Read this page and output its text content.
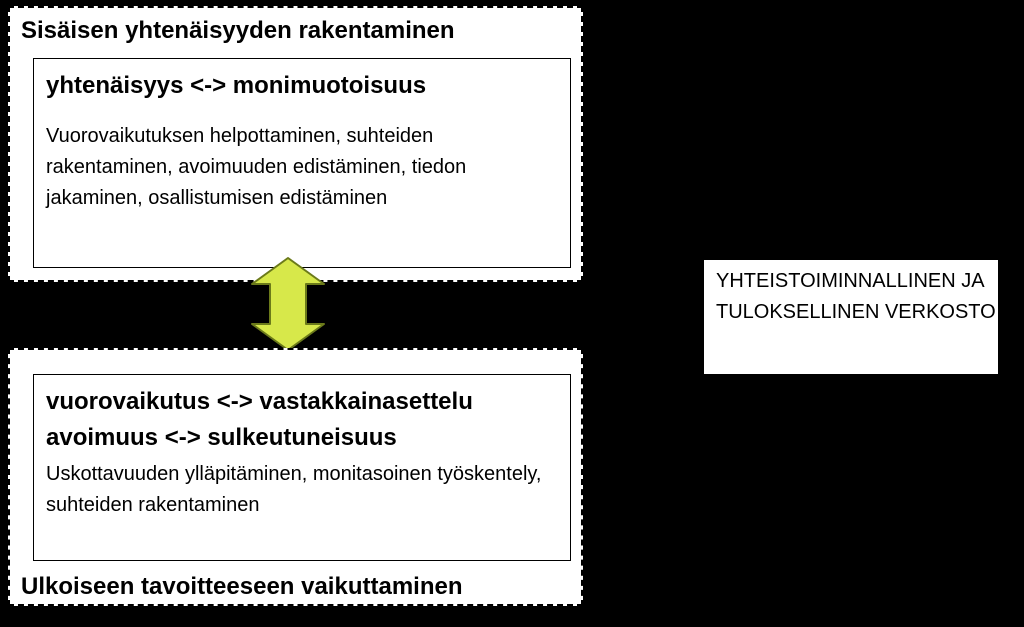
Sisäisen yhtenäisyyden rakentaminen
yhtenäisyys <-> monimuotoisuus
Vuorovaikutuksen helpottaminen, suhteiden rakentaminen, avoimuuden edistäminen, tiedon jakaminen, osallistumisen edistäminen
vuorovaikutus <-> vastakkainasettelu
avoimuus <-> sulkeutuneisuus
Uskottavuuden ylläpitäminen, monitasoinen työskentely, suhteiden rakentaminen
Ulkoiseen tavoitteeseen vaikuttaminen
YHTEISTOIMINNALLINEN JA TULOKSELLINEN VERKOSTO
